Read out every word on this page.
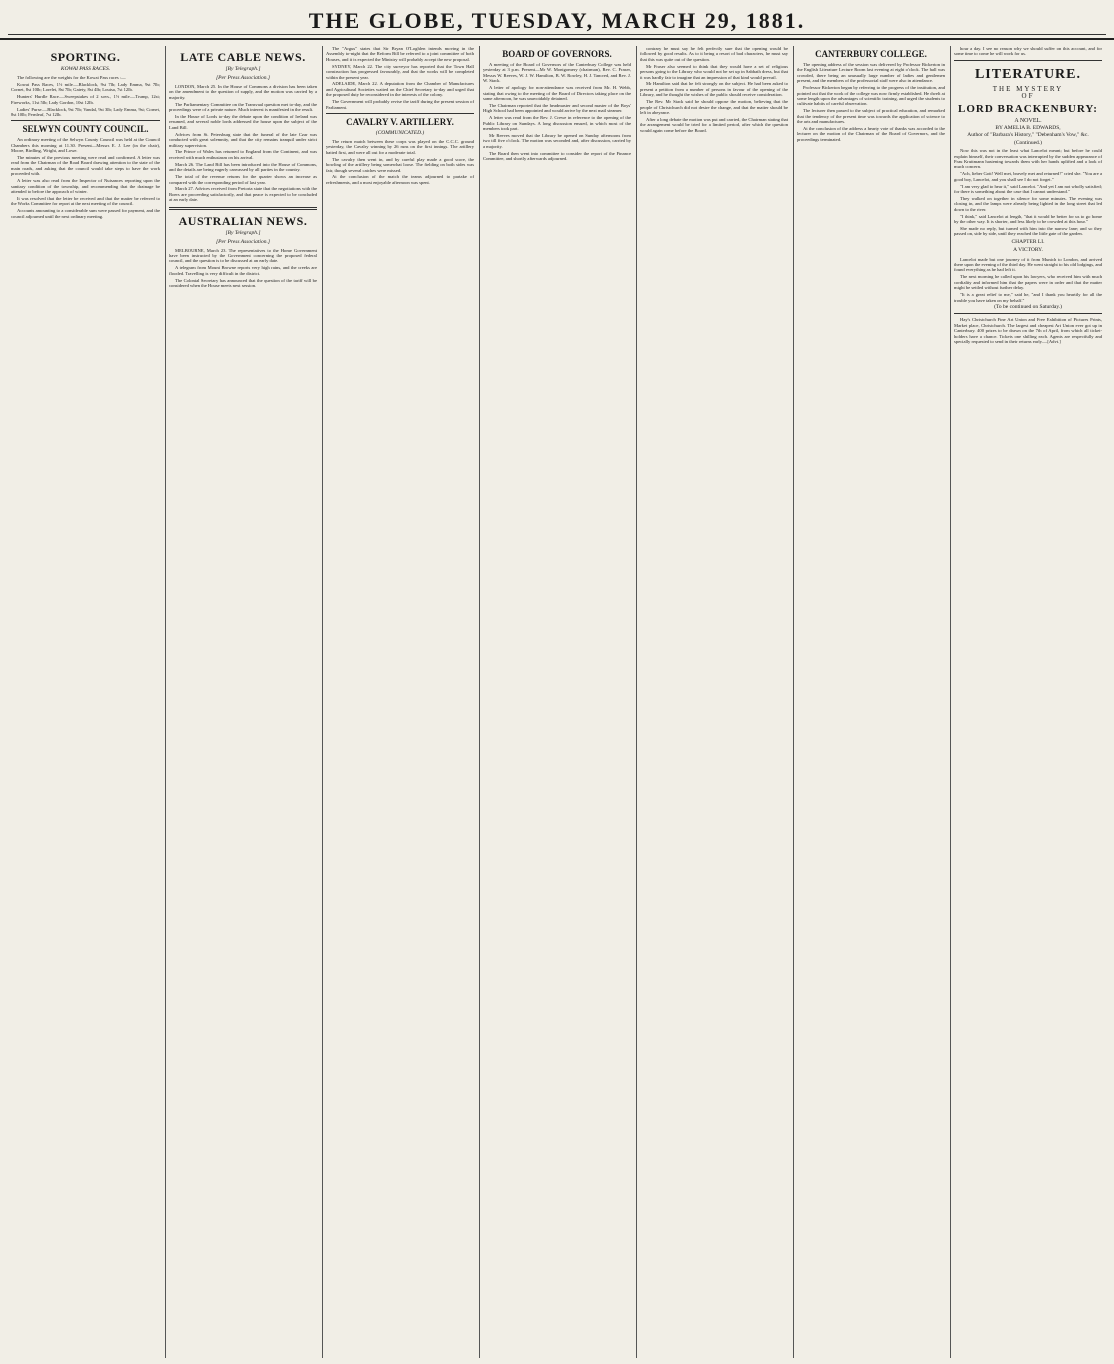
THE GLOBE, TUESDAY, MARCH 29, 1881.
SPORTING.
KOWAI PASS RACES.

The following are the weights for the Kowai Pass races :—

Kowai Pass Races, 1½ mile.—Blacklock, 9st 7lb; Lady Emma, 9st 7lb; Cornet, 8st 10lb; Lorelei, 8st 7lb; Gaiety, 8st 4lb; Louisa, 7st 12lb.

Hunters' Hurdle Race.—Sweepstakes of 2 sovs., 1½ mile.—Trump, 12st; Fireworks, 11st 5lb; Lady Gordon, 10st 12lb.

Ladies' Purse.—Blacklock, 9st 7lb; Vandal, 9st 3lb; Lady Emma, 9st; Cornet, 8st 10lb; Fernleaf, 7st 12lb.

SELWYN COUNTY COUNCIL.

An ordinary meeting of the Selwyn County Council was held at the Council Chambers this morning at 11.30. Present—Messrs E. J. Lee (in the chair), Moore, Birdling, Wright, and Lowe.

The minutes of the previous meeting were read and confirmed. A letter was read from the Chairman of the Road Board drawing attention to the state of the main roads, and asking that the council would take steps to have the work proceeded with.

A letter was also read from the Inspector of Nuisances reporting upon the sanitary condition of the township, and recommending that the drainage be attended to before the approach of winter.

It was resolved that the letter be received and that the matter be referred to the Works Committee for report at the next meeting of the council.

Accounts amounting to a considerable sum were passed for payment, and the council adjourned until the next ordinary meeting.

LATE CABLE NEWS.
[By Telegraph.]
[Per Press Association.]

LONDON, March 25. In the House of Commons a division has been taken on the amendment to the question of supply, and the motion was carried by a majority.

The Parliamentary Committee on the Transvaal question met to-day, and the proceedings were of a private nature. Much interest is manifested in the result.

In the House of Lords to-day the debate upon the condition of Ireland was resumed, and several noble lords addressed the house upon the subject of the Land Bill.

Advices from St. Petersburg state that the funeral of the late Czar was conducted with great solemnity, and that the city remains tranquil under strict military supervision.

The Prince of Wales has returned to England from the Continent, and was received with much enthusiasm on his arrival.

March 26. The Land Bill has been introduced into the House of Commons, and the details are being eagerly canvassed by all parties in the country.

The total of the revenue returns for the quarter shows an increase as compared with the corresponding period of last year.

March 27. Advices received from Pretoria state that the negotiations with the Boers are proceeding satisfactorily, and that peace is expected to be concluded at an early date.

AUSTRALIAN NEWS.
[By Telegraph.]
[Per Press Association.]

MELBOURNE, March 23. The representatives to the Home Government have been instructed by the Government concerning the proposed federal council, and the question is to be discussed at an early date.

A telegram from Mount Browne reports very high rains, and the creeks are flooded. Travelling is very difficult in the district.

The Colonial Secretary has announced that the question of the tariff will be considered when the House meets next session.

The "Argus" states that Sir Bryan O'Loghlen intends moving in the Assembly to-night that the Reform Bill be referred to a joint committee of both Houses, and it is expected the Ministry will probably accept the new proposal.

SYDNEY, March 22. The city surveyor has reported that the Town Hall construction has progressed favourably, and that the works will be completed within the present year.

ADELAIDE, March 22. A deputation from the Chamber of Manufactures and Agricultural Societies waited on the Chief Secretary to-day and urged that the proposed duty be reconsidered in the interests of the colony.

The Government will probably revise the tariff during the present session of Parliament.

CAVALRY V. ARTILLERY.
(COMMUNICATED.)

The return match between these corps was played on the C.C.C. ground yesterday, the Cavalry winning by 26 runs on the first innings. The artillery batted first, and were all out for a moderate total.

The cavalry then went in, and by careful play made a good score, the bowling of the artillery being somewhat loose. The fielding on both sides was fair, though several catches were missed.

At the conclusion of the match the teams adjourned to partake of refreshments, and a most enjoyable afternoon was spent.

BOARD OF GOVERNORS.

A meeting of the Board of Governors of the Canterbury College was held yesterday at 3 p.m. Present—Mr W. Montgomery (chairman), Rev. C. Fraser, Messrs W. Reeves, W. J. W. Hamilton, B. W. Rowley, H. J. Tancred, and Rev. J. W. Stack.

A letter of apology for non-attendance was received from Mr. H. Webb, stating that owing to the meeting of the Board of Directors taking place on the same afternoon, he was unavoidably detained.

The Chairman reported that the headmaster and second master of the Boys' High School had been appointed and would arrive by the next mail steamer.

A letter was read from the Rev. J. Crewe in reference to the opening of the Public Library on Sundays. A long discussion ensued, in which most of the members took part.

Mr Reeves moved that the Library be opened on Sunday afternoons from two till five o'clock. The motion was seconded and, after discussion, carried by a majority.

The Board then went into committee to consider the report of the Finance Committee, and shortly afterwards adjourned.

contrary he must say he felt perfectly sure that the opening would be followed by good results. As to it being a resort of bad characters, he must say that this was quite out of the question.

Mr Fraser also seemed to think that they would have a set of religious persons going to the Library who would not be set up in Sabbath dress, but that it was hardly fair to imagine that an impression of that kind would prevail.

Mr Hamilton said that he felt strongly on the subject. He had been asked to present a petition from a number of persons in favour of the opening of the Library, and he thought the wishes of the public should receive consideration.

The Rev. Mr Stack said he should oppose the motion, believing that the people of Christchurch did not desire the change, and that the matter should be left in abeyance.

After a long debate the motion was put and carried, the Chairman stating that the arrangement would be tried for a limited period, after which the question would again come before the Board.

CANTERBURY COLLEGE.

The opening address of the session was delivered by Professor Bickerton in the English Literature Lecture Room last evening at eight o'clock. The hall was crowded, there being an unusually large number of ladies and gentlemen present, and the members of the professorial staff were also in attendance.

Professor Bickerton began by referring to the progress of the institution, and pointed out that the work of the college was now firmly established. He dwelt at some length upon the advantages of scientific training, and urged the students to cultivate habits of careful observation.

The lecturer then passed to the subject of practical education, and remarked that the tendency of the present time was towards the application of science to the arts and manufactures.

At the conclusion of the address a hearty vote of thanks was accorded to the lecturer on the motion of the Chairman of the Board of Governors, and the proceedings terminated.

hour a day. I see no reason why we should suffer on this account, and for some time to come he will work for us.

LITERATURE.
THE MYSTERY
OF
LORD BRACKENBURY:
A NOVEL.
BY AMELIA B. EDWARDS,
Author of "Barbara's History," "Debenham's Vow," &c.
(Continued.)

Now this was not in the least what Lancelot meant; but before he could explain himself, their conversation was interrupted by the sudden appearance of Frau Kruttmann hastening towards them with her hands uplifted and a look of much concern.

"Ach, lieber Gott! Well met, bravely met and returned!" cried she. "You are a good boy, Lancelot, and you shall see I do not forget."

"I am very glad to hear it," said Lancelot. "And yet I am not wholly satisfied; for there is something about the case that I cannot understand."

They walked on together in silence for some minutes. The evening was closing in, and the lamps were already being lighted in the long street that led down to the river.

"I think," said Lancelot at length, "that it would be better for us to go home by the other way. It is shorter, and less likely to be crowded at this hour."

She made no reply, but turned with him into the narrow lane; and so they passed on, side by side, until they reached the little gate of the garden.

CHAPTER LI.
A VICTORY.

Lancelot made but one journey of it from Munich to London, and arrived there upon the evening of the third day. He went straight to his old lodgings, and found everything as he had left it.

The next morning he called upon his lawyers, who received him with much cordiality and informed him that the papers were in order and that the matter might be settled without further delay.

"It is a great relief to me," said he, "and I thank you heartily for all the trouble you have taken on my behalf."

(To be continued on Saturday.)

Hay's Christchurch Fine Art Union and Free Exhibition of Pictures Prints, Market place, Christchurch. The largest and cheapest Art Union ever got up in Canterbury. 400 prizes to be drawn on the 7th of April, from which all ticket-holders have a chance. Tickets one shilling each. Agents are respectfully and specially requested to send in their returns early.—[Advt.]
